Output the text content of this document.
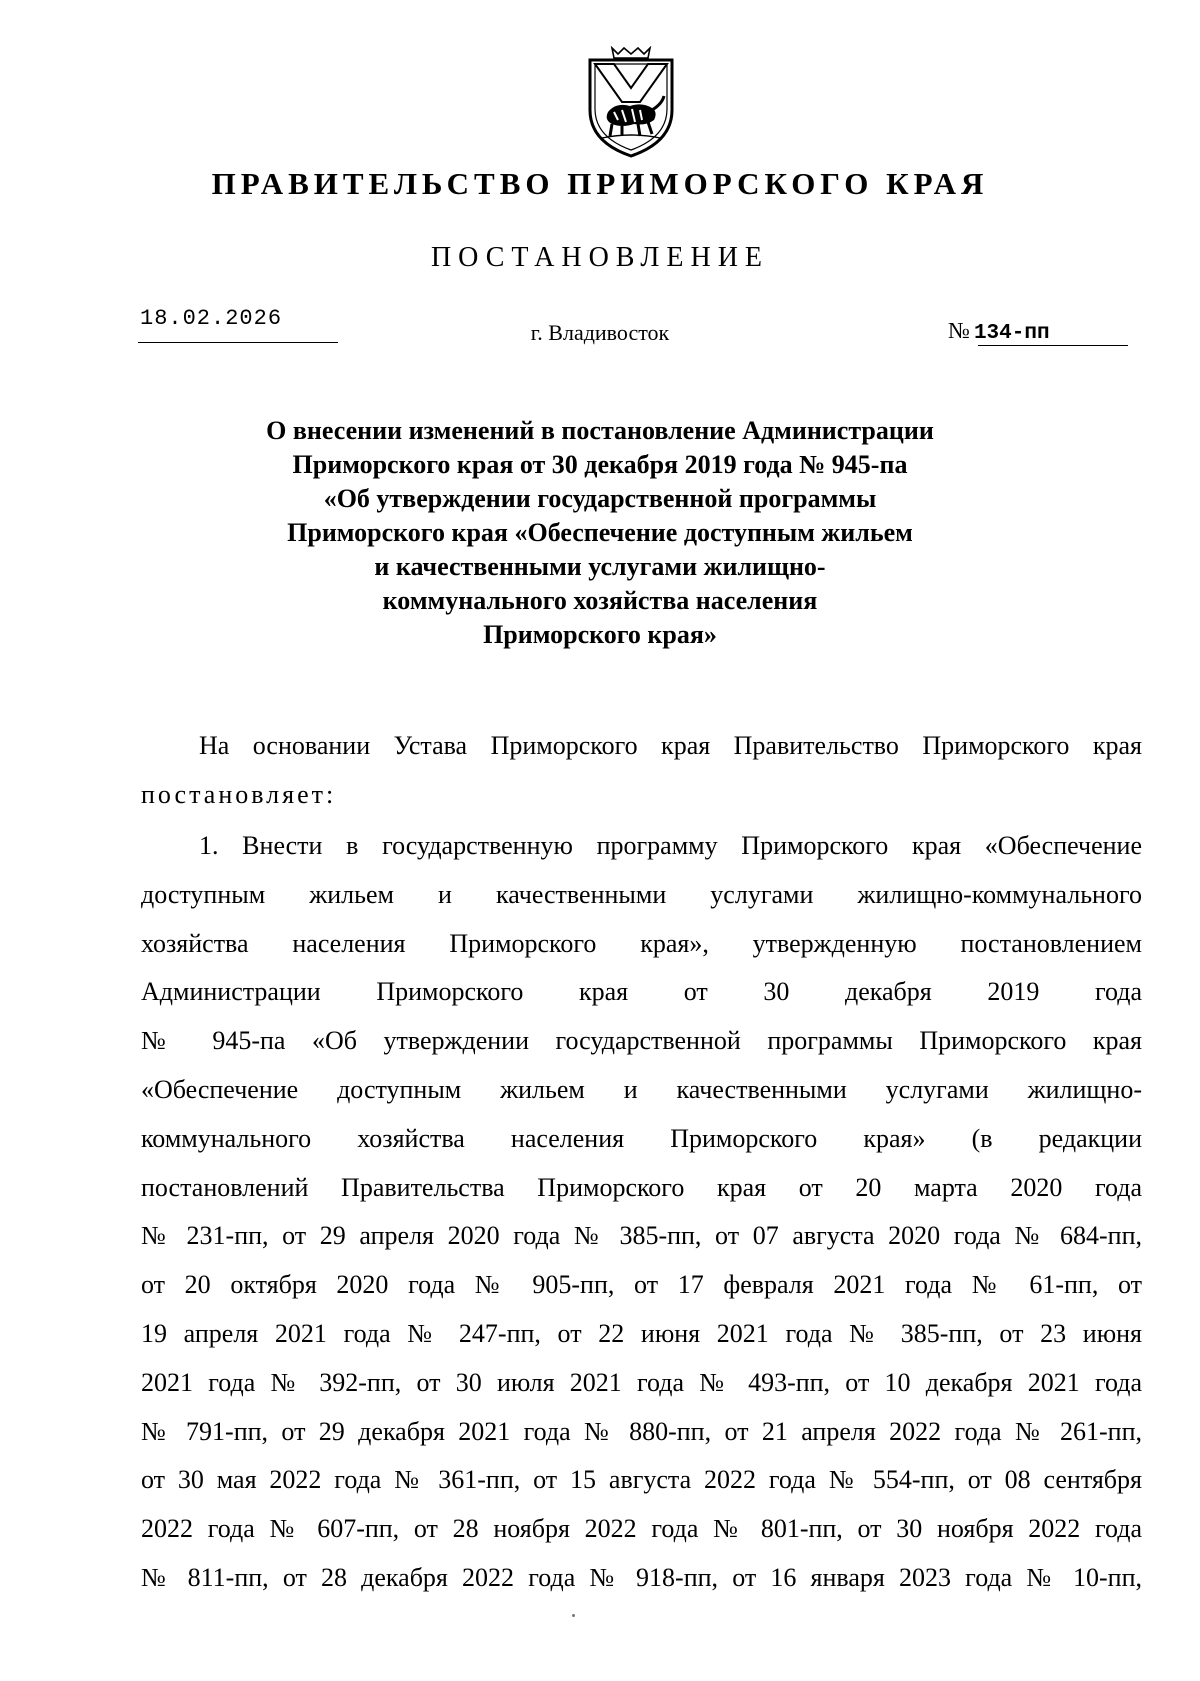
ПРАВИТЕЛЬСТВО ПРИМОРСКОГО КРАЯ
ПОСТАНОВЛЕНИЕ
18.02.2026
г. Владивосток	№ 134-пп
О внесении изменений в постановление Администрации
Приморского края от 30 декабря 2019 года № 945-па
«Об утверждении государственной программы
Приморского края «Обеспечение доступным жильем
и качественными услугами жилищно-
коммунального хозяйства населения
Приморского края»
На основании Устава Приморского края Правительство Приморского края
постановляет:
1. Внести в государственную программу Приморского края «Обеспечение
доступным жильем и качественными услугами жилищно-коммунального
хозяйства населения Приморского края», утвержденную постановлением
Администрации Приморского края от 30 декабря 2019 года
№ 945-па «Об утверждении государственной программы Приморского края
«Обеспечение доступным жильем и качественными услугами жилищно-
коммунального хозяйства населения Приморского края» (в редакции
постановлений Правительства Приморского края от 20 марта 2020 года
№ 231-пп, от 29 апреля 2020 года № 385-пп, от 07 августа 2020 года № 684-пп,
от 20 октября 2020 года № 905-пп, от 17 февраля 2021 года № 61-пп, от
19 апреля 2021 года № 247-пп, от 22 июня 2021 года № 385-пп, от 23 июня
2021 года № 392-пп, от 30 июля 2021 года № 493-пп, от 10 декабря 2021 года
№ 791-пп, от 29 декабря 2021 года № 880-пп, от 21 апреля 2022 года № 261-пп,
от 30 мая 2022 года № 361-пп, от 15 августа 2022 года № 554-пп, от 08 сентября
2022 года № 607-пп, от 28 ноября 2022 года № 801-пп, от 30 ноября 2022 года
№ 811-пп, от 28 декабря 2022 года № 918-пп, от 16 января 2023 года № 10-пп,
